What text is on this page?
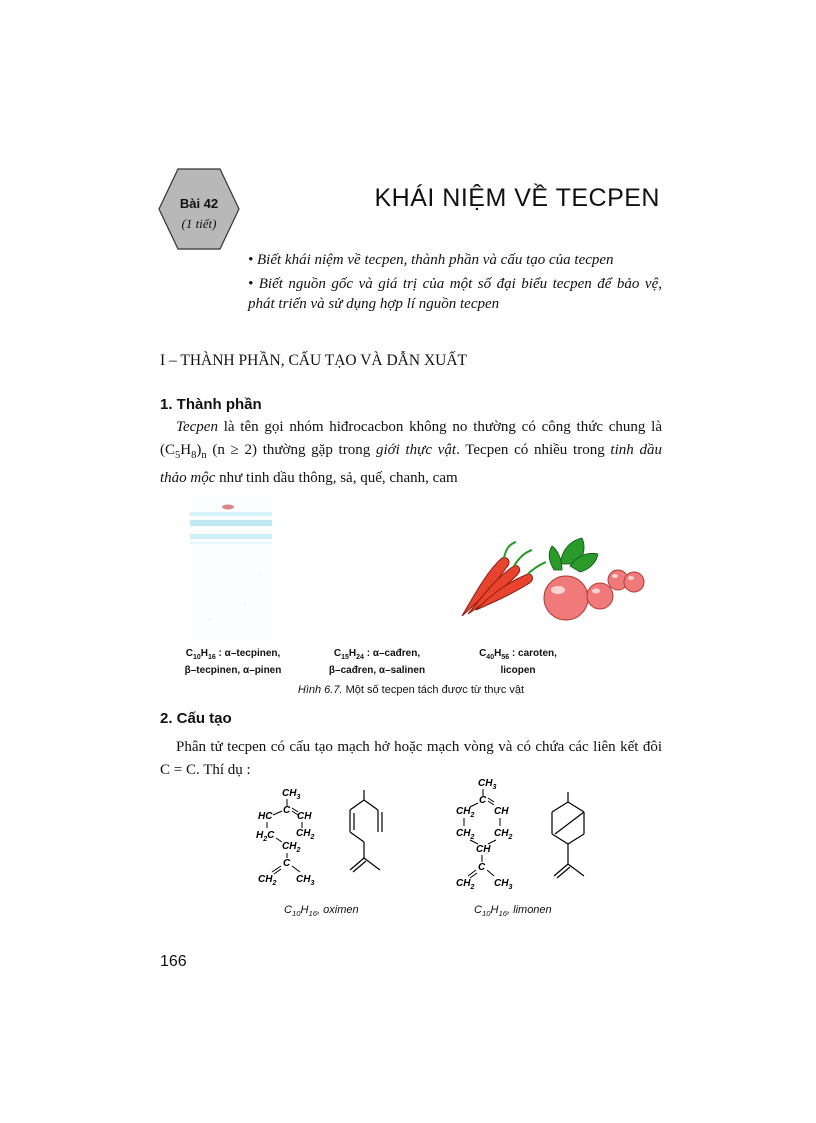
Bài 42
(1 tiết)
KHÁI NIỆM VỀ TECPEN
• Biết khái niệm về tecpen, thành phần và cấu tạo của tecpen
• Biết nguồn gốc và giá trị của một số đại biểu tecpen để bảo vệ, phát triển và sử dụng hợp lí nguồn tecpen
I – THÀNH PHẦN, CẤU TẠO VÀ DẪN XUẤT
1. Thành phần
Tecpen là tên gọi nhóm hiđrocacbon không no thường có công thức chung là $(C_5H_8)_n$ (n ≥ 2) thường gặp trong giới thực vật. Tecpen có nhiều trong tinh dầu thảo mộc như tinh dầu thông, sả, quế, chanh, cam
$C_{10}H_{16}$ : α–tecpinen,
β–tecpinen, α–pinen
$C_{15}H_{24}$ : α–cađren,
β–cađren, α–salinen
$C_{40}H_{56}$ : caroten,
licopen
Hình 6.7. Một số tecpen tách được từ thực vật
2. Cấu tạo
Phân tử tecpen có cấu tạo mạch hở hoặc mạch vòng và có chứa các liên kết đôi C = C. Thí dụ :
$CH_3$
C
HC CH
$H_2C$ $CH_2$
$CH_2$
C
$CH_2$ $CH_3$
$CH_3$
C
$CH_2$ CH
$CH_2$ $CH_2$
CH
C
$CH_2$ $CH_3$
$C_{10}H_{16}$, oximen	$C_{10}H_{16}$, limonen
166
